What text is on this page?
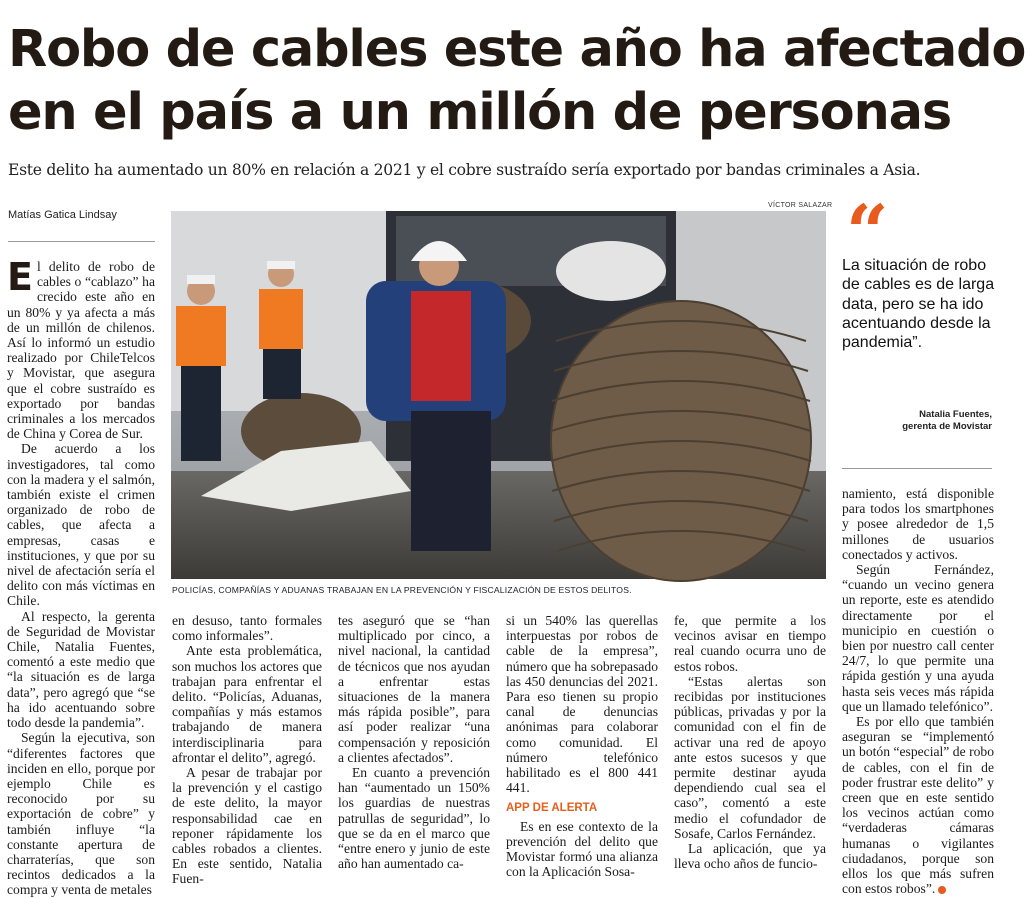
Robo de cables este año ha afectado
en el país a un millón de personas
Este delito ha aumentado un 80% en relación a 2021 y el cobre sustraído sería exportado por bandas criminales a Asia.
Matías Gatica Lindsay
VÍCTOR SALAZAR
POLICÍAS, COMPAÑÍAS Y ADUANAS TRABAJAN EN LA PREVENCIÓN Y FISCALIZACIÓN DE ESTOS DELITOS.
“
La situación de robo de cables es de larga data, pero se ha ido acentuando desde la pandemia”.
Natalia Fuentes,
gerenta de Movistar

El delito de robo de cables o “cablazo” ha crecido este año en un 80% y ya afecta a más de un millón de chilenos. Así lo informó un estudio realizado por ChileTelcos y Movistar, que asegura que el cobre sustraído es exportado por bandas criminales a los mercados de China y Corea de Sur.

De acuerdo a los investigadores, tal como con la madera y el salmón, también existe el crimen organizado de robo de cables, que afecta a empresas, casas e instituciones, y que por su nivel de afectación sería el delito con más víctimas en Chile.

Al respecto, la gerenta de Seguridad de Movistar Chile, Natalia Fuentes, comentó a este medio que “la situación es de larga data”, pero agregó que “se ha ido acentuando sobre todo desde la pandemia”.

Según la ejecutiva, son “diferentes factores que inciden en ello, porque por ejemplo Chile es reconocido por su exportación de cobre” y también influye “la constante apertura de charraterías, que son recintos dedicados a la compra y venta de metales

en desuso, tanto formales como informales”.

Ante esta problemática, son muchos los actores que trabajan para enfrentar el delito. “Policías, Aduanas, compañías y más estamos trabajando de manera interdisciplinaria para afrontar el delito”, agregó.

A pesar de trabajar por la prevención y el castigo de este delito, la mayor responsabilidad cae en reponer rápidamente los cables robados a clientes. En este sentido, Natalia Fuen-

tes aseguró que se “han multiplicado por cinco, a nivel nacional, la cantidad de técnicos que nos ayudan a enfrentar estas situaciones de la manera más rápida posible”, para así poder realizar “una compensación y reposición a clientes afectados”.

En cuanto a prevención han “aumentado un 150% los guardias de nuestras patrullas de seguridad”, lo que se da en el marco que “entre enero y junio de este año han aumentado ca-

si un 540% las querellas interpuestas por robos de cable de la empresa”, número que ha sobrepasado las 450 denuncias del 2021. Para eso tienen su propio canal de denuncias anónimas para colaborar como comunidad. El número telefónico habilitado es el 800 441 441.

APP DE ALERTA

Es en ese contexto de la prevención del delito que Movistar formó una alianza con la Aplicación Sosa-

fe, que permite a los vecinos avisar en tiempo real cuando ocurra uno de estos robos.

“Estas alertas son recibidas por instituciones públicas, privadas y por la comunidad con el fin de activar una red de apoyo ante estos sucesos y que permite destinar ayuda dependiendo cual sea el caso”, comentó a este medio el cofundador de Sosafe, Carlos Fernández.

La aplicación, que ya lleva ocho años de funcio-

namiento, está disponible para todos los smartphones y posee alrededor de 1,5 millones de usuarios conectados y activos.

Según Fernández, “cuando un vecino genera un reporte, este es atendido directamente por el municipio en cuestión o bien por nuestro call center 24/7, lo que permite una rápida gestión y una ayuda hasta seis veces más rápida que un llamado telefónico”.

Es por ello que también aseguran se “implementó un botón “especial” de robo de cables, con el fin de poder frustrar este delito” y creen que en este sentido los vecinos actúan como “verdaderas cámaras humanas o vigilantes ciudadanos, porque son ellos los que más sufren con estos robos”.
